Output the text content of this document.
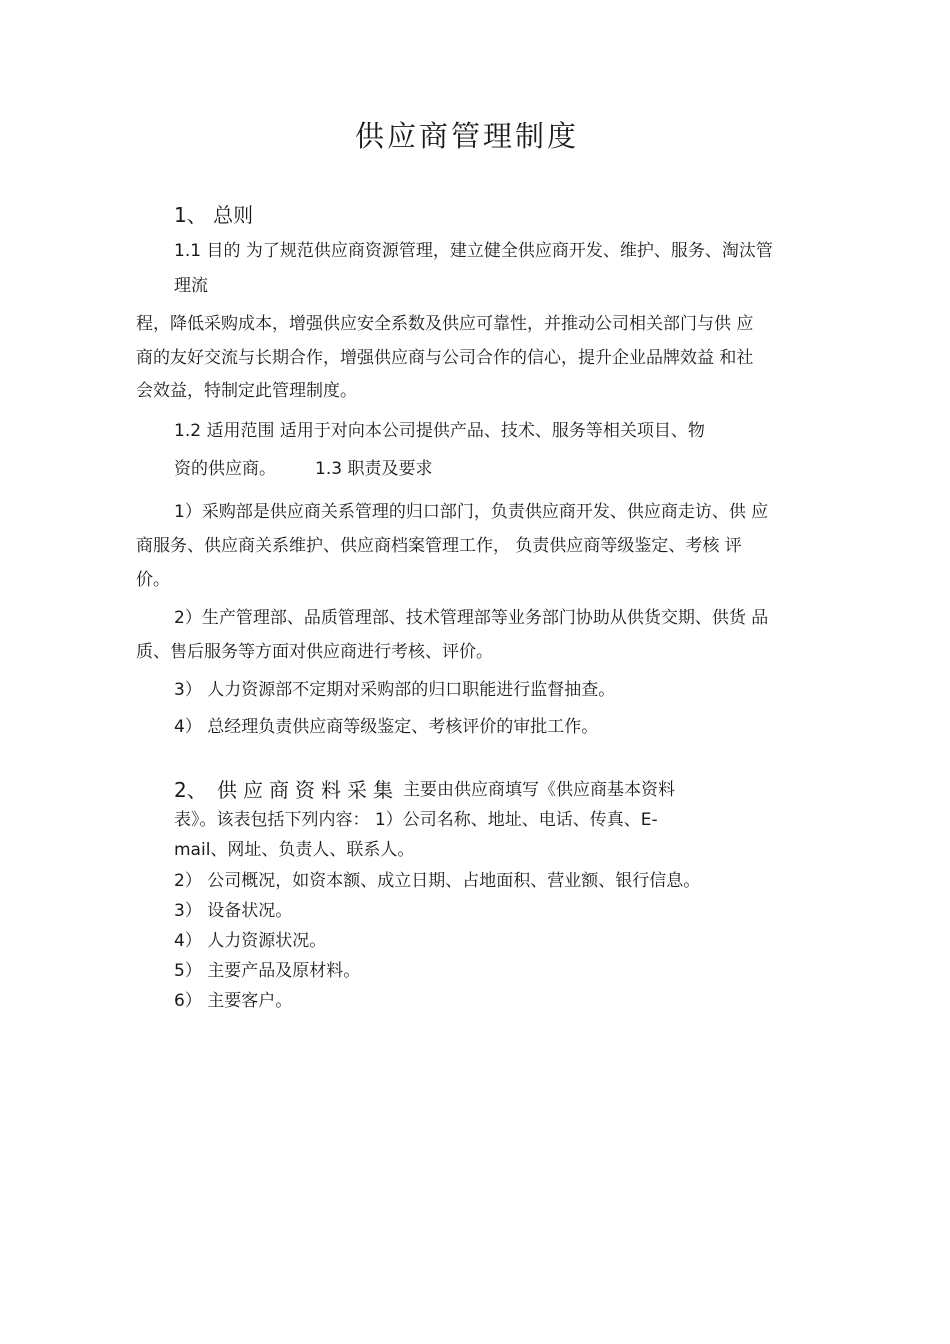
供应商管理制度
1、 总则
1.1 目的 为了规范供应商资源管理，建立健全供应商开发、维护、服务、淘汰管
理流
程，降低采购成本，增强供应安全系数及供应可靠性，并推动公司相关部门与供 应
商的友好交流与长期合作，增强供应商与公司合作的信心，提升企业品牌效益 和社
会效益，特制定此管理制度。
1.2 适用范围 适用于对向本公司提供产品、技术、服务等相关项目、物
资的供应商。 1.3 职责及要求
1）采购部是供应商关系管理的归口部门，负责供应商开发、供应商走访、供 应
商服务、供应商关系维护、供应商档案管理工作， 负责供应商等级鉴定、考核 评
价。
2）生产管理部、品质管理部、技术管理部等业务部门协助从供货交期、供货 品
质、售后服务等方面对供应商进行考核、评价。
3） 人力资源部不定期对采购部的归口职能进行监督抽查。
4） 总经理负责供应商等级鉴定、考核评价的审批工作。
2、 供应商资料采集 主要由供应商填写《供应商基本资料
表》。该表包括下列内容： 1）公司名称、地址、电话、传真、E-
mail、网址、负责人、联系人。
2） 公司概况，如资本额、成立日期、占地面积、营业额、银行信息。
3） 设备状况。
4） 人力资源状况。
5） 主要产品及原材料。
6） 主要客户。
